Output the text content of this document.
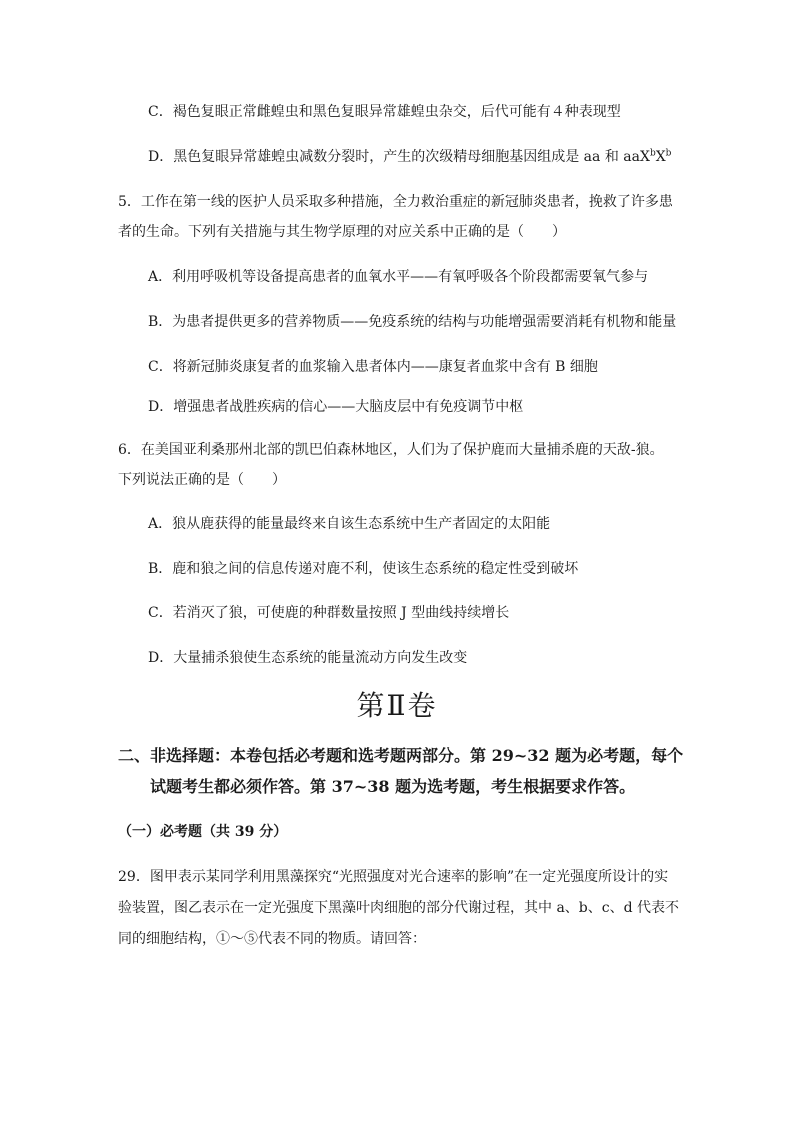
C．褐色复眼正常雌蝗虫和黑色复眼异常雄蝗虫杂交，后代可能有４种表现型
D．黑色复眼异常雄蝗虫减数分裂时，产生的次级精母细胞基因组成是 aa 和 $aaX^bX^b$
5．工作在第一线的医护人员采取多种措施，全力救治重症的新冠肺炎患者，挽救了许多患
者的生命。下列有关措施与其生物学原理的对应关系中正确的是（　　）
A．利用呼吸机等设备提高患者的血氧水平——有氧呼吸各个阶段都需要氧气参与
B．为患者提供更多的营养物质——免疫系统的结构与功能增强需要消耗有机物和能量
C．将新冠肺炎康复者的血浆输入患者体内——康复者血浆中含有 B 细胞
D．增强患者战胜疾病的信心——大脑皮层中有免疫调节中枢
6．在美国亚利桑那州北部的凯巴伯森林地区，人们为了保护鹿而大量捕杀鹿的天敌-狼。
下列说法正确的是（　　）
A．狼从鹿获得的能量最终来自该生态系统中生产者固定的太阳能
B．鹿和狼之间的信息传递对鹿不利，使该生态系统的稳定性受到破坏
C．若消灭了狼，可使鹿的种群数量按照 J 型曲线持续增长
D．大量捕杀狼使生态系统的能量流动方向发生改变
第Ⅱ卷
二、非选择题：本卷包括必考题和选考题两部分。第 29~32 题为必考题，每个
试题考生都必须作答。第 37~38 题为选考题，考生根据要求作答。
（一）必考题（共 39 分）
29．图甲表示某同学利用黑藻探究“光照强度对光合速率的影响”在一定光强度所设计的实
验装置，图乙表示在一定光强度下黑藻叶肉细胞的部分代谢过程，其中 a、b、c、d 代表不
同的细胞结构，①～⑤代表不同的物质。请回答：
